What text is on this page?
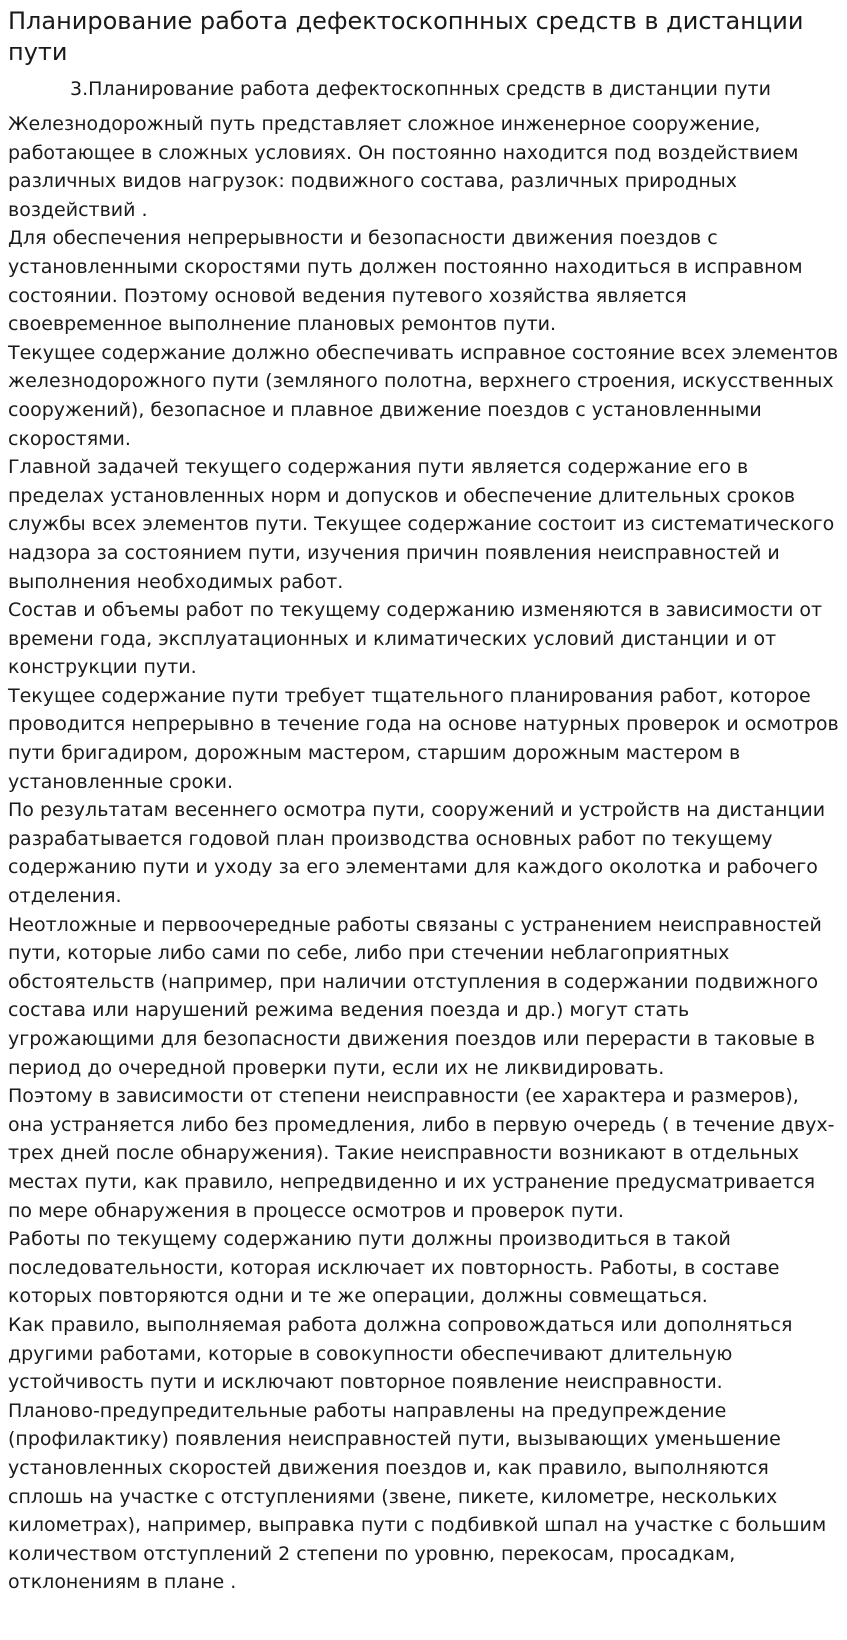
Планирование работа дефектоскопнных средств в дистанции пути
3.Планирование работа дефектоскопнных средств в дистанции пути

Железнодорожный путь представляет сложное инженерное сооружение, работающее в сложных условиях. Он постоянно находится под воздействием различных видов нагрузок: подвижного состава, различных природных воздействий .

Для обеспечения непрерывности и безопасности движения поездов с установленными скоростями путь должен постоянно находиться в исправном состоянии. Поэтому основой ведения путевого хозяйства является своевременное выполнение плановых ремонтов пути.

Текущее содержание должно обеспечивать исправное состояние всех элементов железнодорожного пути (земляного полотна, верхнего строения, искусственных сооружений), безопасное и плавное движение поездов с установленными скоростями.

Главной задачей текущего содержания пути является содержание его в пределах установленных норм и допусков и обеспечение длительных сроков службы всех элементов пути. Текущее содержание состоит из систематического надзора за состоянием пути, изучения причин появления неисправностей и выполнения необходимых работ.

Состав и объемы работ по текущему содержанию изменяются в зависимости от времени года, эксплуатационных и климатических условий дистанции и от конструкции пути.

Текущее содержание пути требует тщательного планирования работ, которое проводится непрерывно в течение года на основе натурных проверок и осмотров пути бригадиром, дорожным мастером, старшим дорожным мастером в установленные сроки.

По результатам весеннего осмотра пути, сооружений и устройств на дистанции разрабатывается годовой план производства основных работ по текущему содержанию пути и уходу за его элементами для каждого околотка и рабочего отделения.

Неотложные и первоочередные работы связаны с устранением неисправностей пути, которые либо сами по себе, либо при стечении неблагоприятных обстоятельств (например, при наличии отступления в содержании подвижного состава или нарушений режима ведения поезда и др.) могут стать угрожающими для безопасности движения поездов или перерасти в таковые в период до очередной проверки пути, если их не ликвидировать.

Поэтому в зависимости от степени неисправности (ее характера и размеров), она устраняется либо без промедления, либо в первую очередь ( в течение двух-трех дней после обнаружения). Такие неисправности возникают в отдельных местах пути, как правило, непредвиденно и их устранение предусматривается по мере обнаружения в процессе осмотров и проверок пути.

Работы по текущему содержанию пути должны производиться в такой последовательности, которая исключает их повторность. Работы, в составе которых повторяются одни и те же операции, должны совмещаться.

Как правило, выполняемая работа должна сопровождаться или дополняться другими работами, которые в совокупности обеспечивают длительную устойчивость пути и исключают повторное появление неисправности.

Планово-предупредительные работы направлены на предупреждение (профилактику) появления неисправностей пути, вызывающих уменьшение установленных скоростей движения поездов и, как правило, выполняются сплошь на участке с отступлениями (звене, пикете, километре, нескольких километрах), например, выправка пути с подбивкой шпал на участке с большим количеством отступлений 2 степени по уровню, перекосам, просадкам, отклонениям в плане .
